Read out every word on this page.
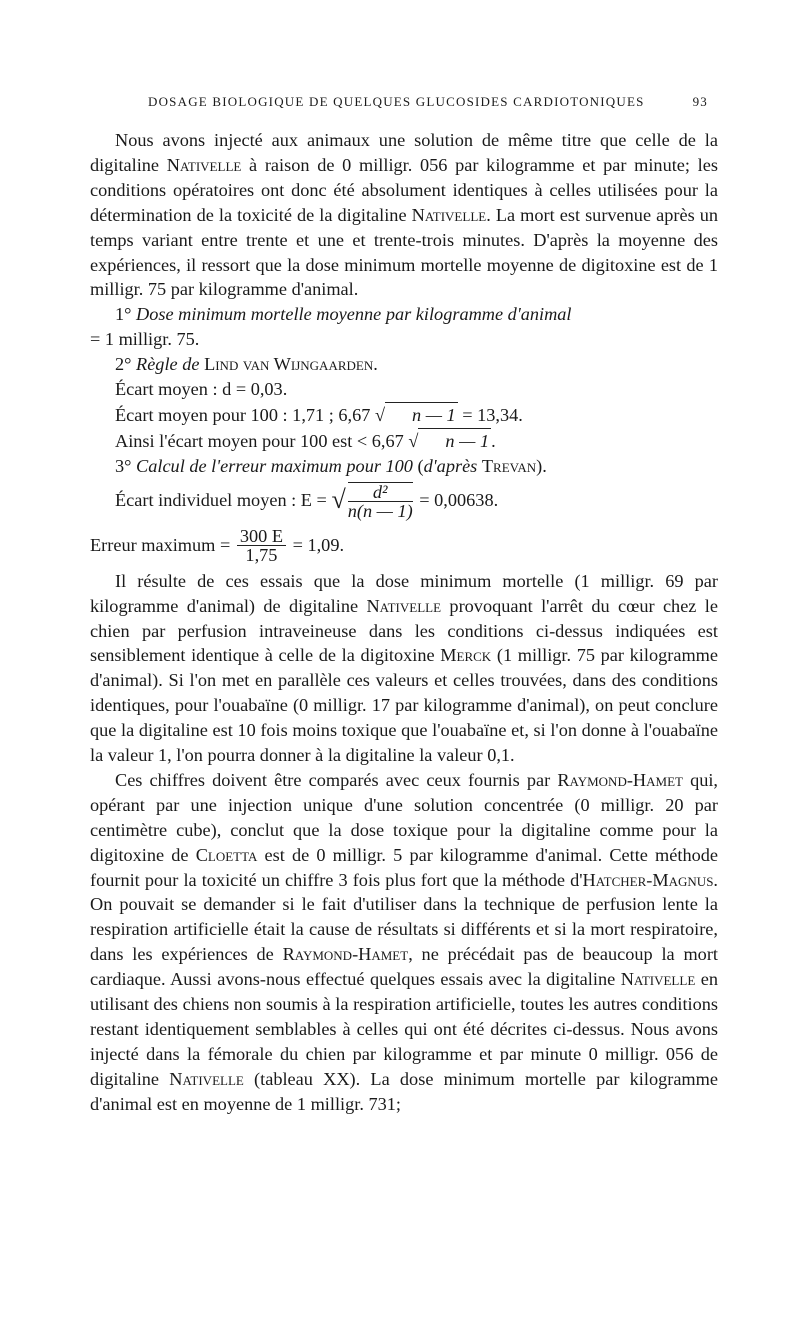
DOSAGE BIOLOGIQUE DE QUELQUES GLUCOSIDES CARDIOTONIQUES	93

Nous avons injecté aux animaux une solution de même titre que celle de la digitaline Nativelle à raison de 0 milligr. 056 par kilogramme et par minute; les conditions opératoires ont donc été absolument identiques à celles utilisées pour la détermination de la toxicité de la digitaline Nativelle. La mort est survenue après un temps variant entre trente et une et trente-trois minutes. D'après la moyenne des expériences, il ressort que la dose minimum mortelle moyenne de digitoxine est de 1 milligr. 75 par kilogramme d'animal.

1° Dose minimum mortelle moyenne par kilogramme d'animal
= 1 milligr. 75.

2° Règle de Lind van Wijngaarden.

Écart moyen : d = 0,03.

Écart moyen pour 100 : 1,71 ; 6,67 √ n — 1 = 13,34.

Ainsi l'écart moyen pour 100 est < 6,67 √ n — 1 .

3° Calcul de l'erreur maximum pour 100 (d'après Trevan).

Écart individuel moyen : E = √ $\frac{\text{d²}}{n(n — 1)} = 0,00638$.
Erreur maximum = $\frac{300 E}{1,75} = 1,09$.

Il résulte de ces essais que la dose minimum mortelle (1 milligr. 69 par kilogramme d'animal) de digitaline Nativelle provoquant l'arrêt du cœur chez le chien par perfusion intraveineuse dans les conditions ci-dessus indiquées est sensiblement identique à celle de la digitoxine Merck (1 milligr. 75 par kilogramme d'animal). Si l'on met en parallèle ces valeurs et celles trouvées, dans des conditions identiques, pour l'ouabaïne (0 milligr. 17 par kilogramme d'animal), on peut conclure que la digitaline est 10 fois moins toxique que l'ouabaïne et, si l'on donne à l'ouabaïne la valeur 1, l'on pourra donner à la digitaline la valeur 0,1.

Ces chiffres doivent être comparés avec ceux fournis par Raymond-Hamet qui, opérant par une injection unique d'une solution concentrée (0 milligr. 20 par centimètre cube), conclut que la dose toxique pour la digitaline comme pour la digitoxine de Cloetta est de 0 milligr. 5 par kilogramme d'animal. Cette méthode fournit pour la toxicité un chiffre 3 fois plus fort que la méthode d'Hatcher-Magnus. On pouvait se demander si le fait d'utiliser dans la technique de perfusion lente la respiration artificielle était la cause de résultats si différents et si la mort respiratoire, dans les expériences de Raymond-Hamet, ne précédait pas de beaucoup la mort cardiaque. Aussi avons-nous effectué quelques essais avec la digitaline Nativelle en utilisant des chiens non soumis à la respiration artificielle, toutes les autres conditions restant identiquement semblables à celles qui ont été décrites ci-dessus. Nous avons injecté dans la fémorale du chien par kilogramme et par minute 0 milligr. 056 de digitaline Nativelle (tableau XX). La dose minimum mortelle par kilogramme d'animal est en moyenne de 1 milligr. 731;
